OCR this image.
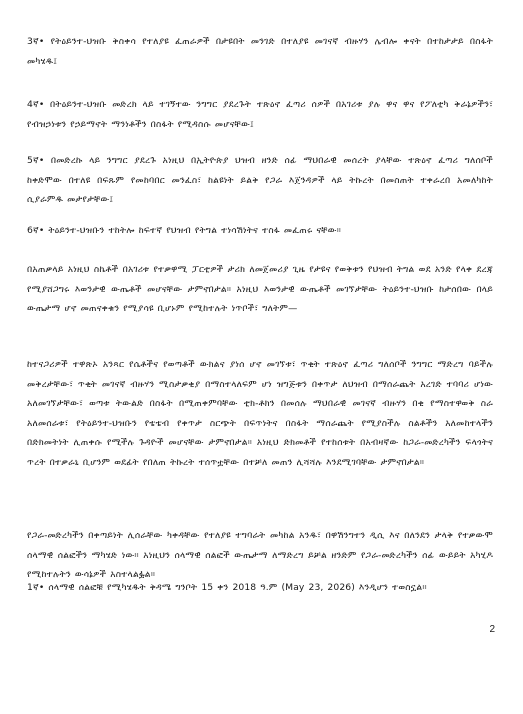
3ኛ• የትዕይንተ-ህዝቡ ቅስቀሳ የተለያዩ ፈጠራዎች በታዩበት መንገድ በተለያዩ መገናኛ ብዙሃን ሌብሎ ቀናት በተከታታይ በስፋት መካሄዱ፤

4ኛ• በትዕይንተ-ህዝቡ መድረክ ላይ ተገኝተው ንግግር ያደረጉት ተጽዕኖ ፈጣሪ ሰዎች በአገሪቱ ያሉ ዋና ዋና የፖለቲካ ቅራኔዎችን፣ የብዝኃነቱን የኃይማኖት ማንነቶችን በስፋት የሚዳስሱ መሆናቸው፤

5ኛ• በመድረኩ ላይ ንግግር ያደረጉ አነዚህ በኢትዮጵያ ህዝብ ዘንድ ሰፊ ማህበራዊ መሰረት ያላቸው ተጽዕኖ ፈጣሪ ግለሰቦች ከቀድሞው በተለዩ በፍጹም የመከባበር መንፈስ፣ ከልዩነት ይልቅ የጋራ እጀንዳዎች ላይ ትኩረት በመስጠት ተቀራረበ አመለካከት ሲያራምዱ መታየታቸው፤

6ኛ• ትዕይንተ-ህዝቡን ተከትሎ ከፍተኛ የህዝብ የትግል ተነሳሽነትና ተስፋ መፈጠሩ ናቸው።

በአጠቃላይ አነዚህ ስኬቶች በአገሪቱ የተቃዋሚ ፓርቲዎች ታሪክ ለመጀመሪያ ጊዜ የታዩና የወቅቱን የህዝብ ትግል ወደ አንድ የላቀ ደረጃ የሚያሸጋግሩ እወንታዊ ውጤቶች መሆናቸው ታምኖበታል። አነዚህ እወንታዊ ውጤቶች መገኘታቸው ትዕይንተ-ህዝቡ ከታሰበው በላይ ውጤታማ ሆኖ መጠናቀቁን የሚያሳዩ ቢሆኑም የሚከተሉት ነጥቦች፣ ግለትም—

ከተናጋሪዎች ተዋጽኦ አንጻር የሴቶችና የወጣቶች ውክልና ያነሰ ሆኖ መገኘቱ፣ ጥቂት ተጽዕኖ ፈጣሪ ግለሰቦች ንግግር ማድረግ ባይችሉ መቅረታቸው፣ ጥቂት መገናኛ ብዙሃን ሚስታቃቂያ በማስተላለፍም ሆነ ዝግጅቱን በቀጥታ ለህዝብ በማሰራጨት አረገድ ተባባሪ ሆነው አለመገኘታቸው፣ ወጣቱ ትውልድ በስፋት በሚጠቀምባቸው ቲክ-ቶክን በመሰሉ ማህበራዊ መገናኛ ብዙሃን በቂ የማስተዋወቅ ስራ አለመሰራቱ፣ የትዕይንተ-ህዝቡን የቴቴብ የቀጥታ ስርጭት በፍጥነትና በስፋት ማሰራጨት የሚያስችሉ ስልቶችን አለመከተላችን በድክመትነት ሊጠቀሱ የሚችሉ ጉዳዮች መሆናቸው ታምኖበታል። አነዚህ ድክመቶች የተከሰቱት በአብዛኛው ከጋራ-መድረካችን ፍላጎትና ጥረት በተቃራኒ ቢሆንም ወደፊት የበለጠ ትኩረት ተሰጥቷቸው በተቻለ መጠን ሊሻሻሉ እንደሚገባቸው ታምኖበታል።

የጋራ-መድረካችን በቀጣይነት ሊሰራቸው ካቀዳቸው የተለያዩ ተግባራት መካከል አንዱ፣ በዋሽንግተን ዲሲ እና በለንደን ታላቅ የተቃውሞ ሰላማዊ ሰልፎችን ማካሄድ ነው። አነዚህን ሰላማዊ ሰልፎች ውጤታማ ለማድረግ ይቻል ዘንድም የጋራ-መድረካችን ሰፊ ውይይት አካሂዶ የሚከተሉትን ውሳኔዎች አስተላልፏል።

1ኛ• ሰላማዊ ሰልፎቹ የሚካሄዱት ቅዳሜ ግንቦት 15 ቀን 2018 ዓ.ም (May 23, 2026) እንዲሆን ተወስኗል።

2
